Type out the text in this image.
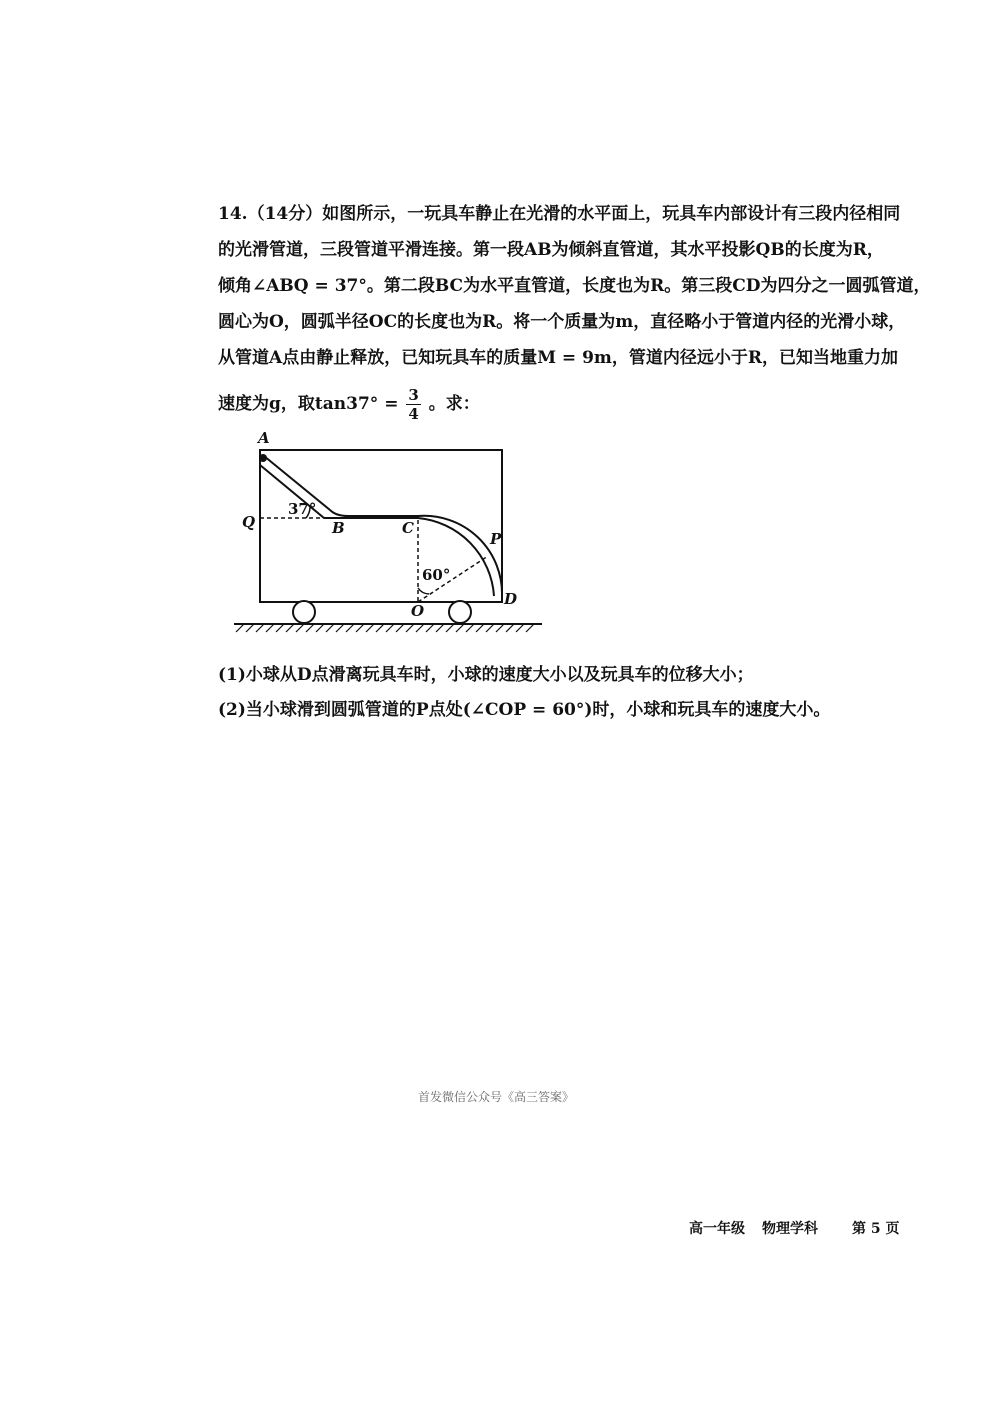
14.（14分）如图所示，一玩具车静止在光滑的水平面上，玩具车内部设计有三段内径相同
的光滑管道，三段管道平滑连接。第一段AB为倾斜直管道，其水平投影QB的长度为R，
倾角∠ABQ = 37°。第二段BC为水平直管道，长度也为R。第三段CD为四分之一圆弧管道，
圆心为O，圆弧半径OC的长度也为R。将一个质量为m，直径略小于管道内径的光滑小球，
从管道A点由静止释放，已知玩具车的质量M = 9m，管道内径远小于R，已知当地重力加
速度为g，取$\tan 37^\circ = \frac{3}{4}$ 。求：
A
Q	B	C
P
O
D
37°
60°
(1)小球从D点滑离玩具车时，小球的速度大小以及玩具车的位移大小；
(2)当小球滑到圆弧管道的P点处(∠COP = 60°)时，小球和玩具车的速度大小。
首发微信公众号《高三答案》
高一年级 物理学科 第 5 页
